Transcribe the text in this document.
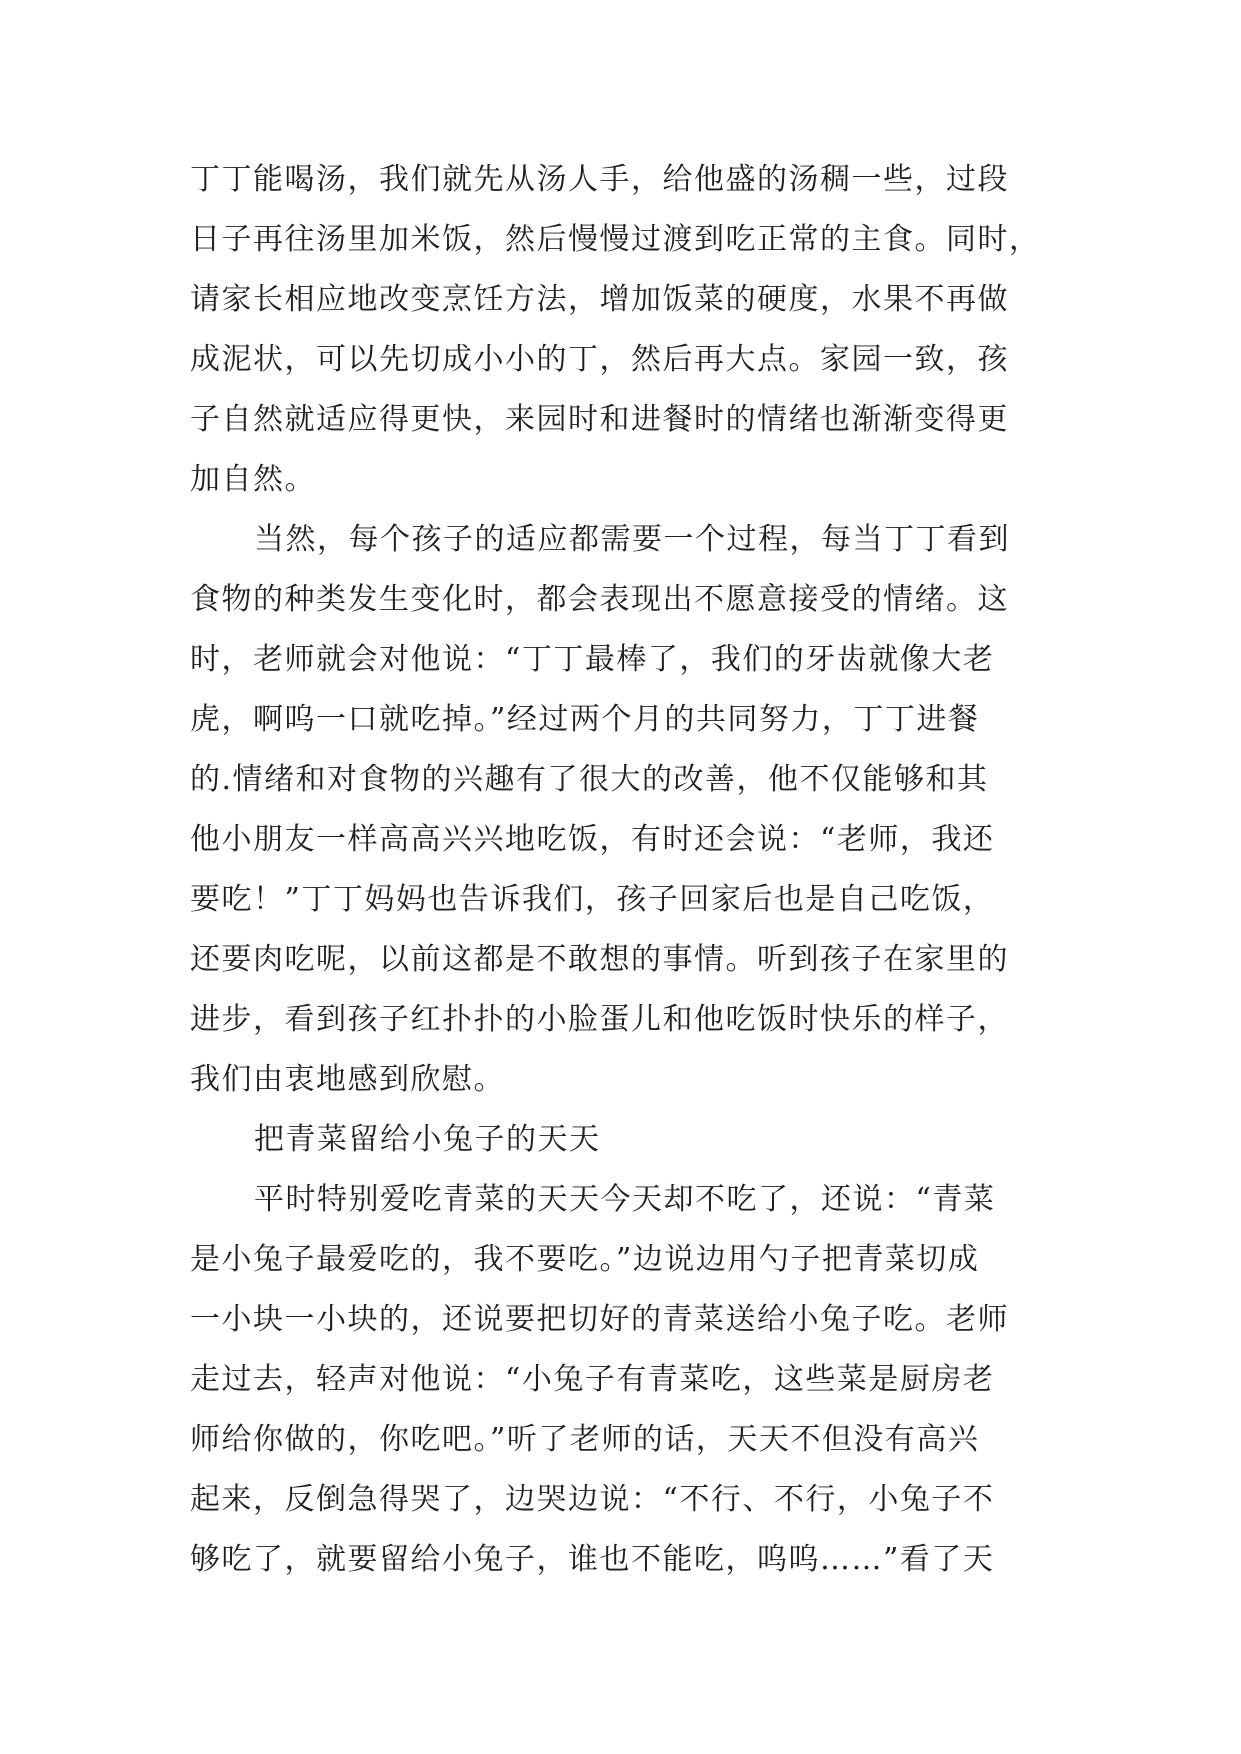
丁丁能喝汤，我们就先从汤人手，给他盛的汤稠一些，过段
日子再往汤里加米饭，然后慢慢过渡到吃正常的主食。同时，
请家长相应地改变烹饪方法，增加饭菜的硬度，水果不再做
成泥状，可以先切成小小的丁，然后再大点。家园一致，孩
子自然就适应得更快，来园时和进餐时的情绪也渐渐变得更
加自然。
当然，每个孩子的适应都需要一个过程，每当丁丁看到
食物的种类发生变化时，都会表现出不愿意接受的情绪。这
时，老师就会对他说：“丁丁最棒了，我们的牙齿就像大老
虎，啊呜一口就吃掉。”经过两个月的共同努力，丁丁进餐
的.情绪和对食物的兴趣有了很大的改善，他不仅能够和其
他小朋友一样高高兴兴地吃饭，有时还会说：“老师，我还
要吃！”丁丁妈妈也告诉我们，孩子回家后也是自己吃饭，
还要肉吃呢，以前这都是不敢想的事情。听到孩子在家里的
进步，看到孩子红扑扑的小脸蛋儿和他吃饭时快乐的样子，
我们由衷地感到欣慰。
把青菜留给小兔子的天天
平时特别爱吃青菜的天天今天却不吃了，还说：“青菜
是小兔子最爱吃的，我不要吃。”边说边用勺子把青菜切成
一小块一小块的，还说要把切好的青菜送给小兔子吃。老师
走过去，轻声对他说：“小兔子有青菜吃，这些菜是厨房老
师给你做的，你吃吧。”听了老师的话，天天不但没有高兴
起来，反倒急得哭了，边哭边说：“不行、不行，小兔子不
够吃了，就要留给小兔子，谁也不能吃，呜呜……”看了天
